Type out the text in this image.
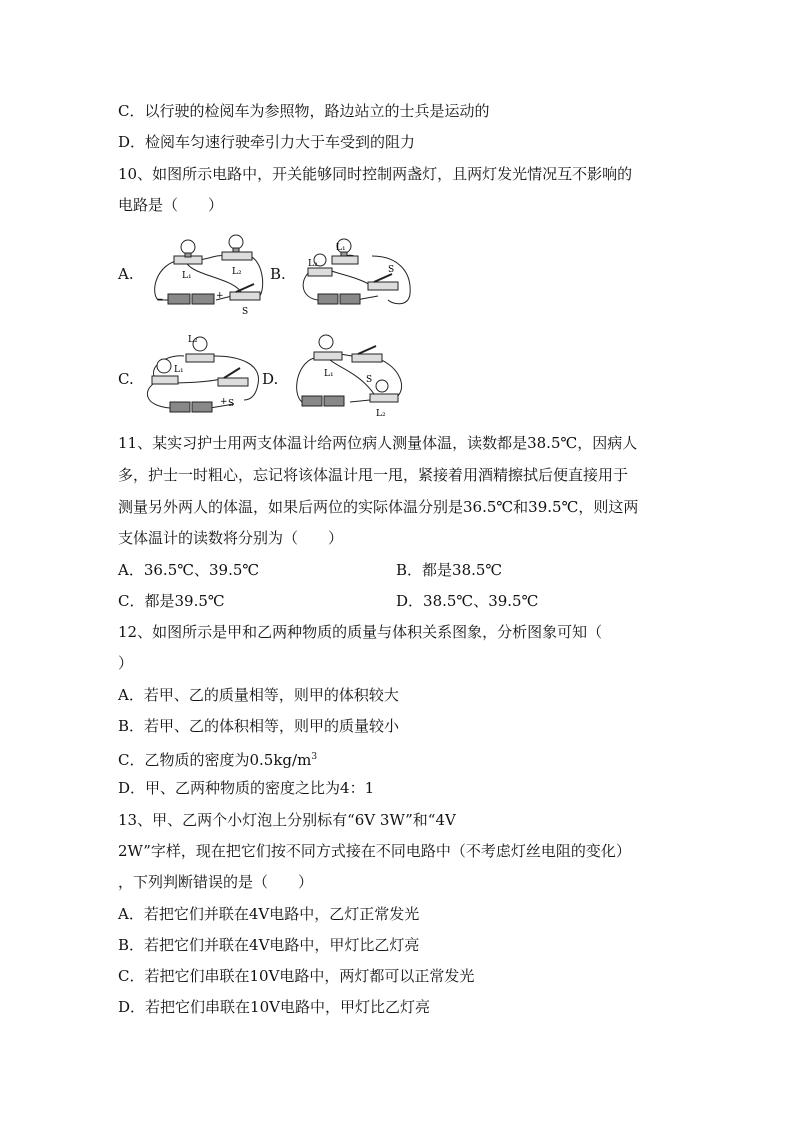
C．以行驶的检阅车为参照物，路边站立的士兵是运动的
D．检阅车匀速行驶牵引力大于车受到的阻力
10、如图所示电路中，开关能够同时控制两盏灯，且两灯发光情况互不影响的
电路是（　　）
A.	B.
C.	D.
L₁	L₂
−	+
S
L₁
L₂
S
L₂
L₁
+ S
L₁
S
L₂
11、某实习护士用两支体温计给两位病人测量体温，读数都是38.5℃，因病人
多，护士一时粗心，忘记将该体温计甩一甩，紧接着用酒精擦拭后便直接用于
测量另外两人的体温，如果后两位的实际体温分别是36.5℃和39.5℃，则这两
支体温计的读数将分别为（　　）
A．36.5℃、39.5℃	B．都是38.5℃
C．都是39.5℃	D．38.5℃、39.5℃
12、如图所示是甲和乙两种物质的质量与体积关系图象，分析图象可知（
）
A．若甲、乙的质量相等，则甲的体积较大
B．若甲、乙的体积相等，则甲的质量较小
C．乙物质的密度为$0.5kg/m^3$
D．甲、乙两种物质的密度之比为4：1
13、甲、乙两个小灯泡上分别标有“6V 3W”和“4V
2W”字样，现在把它们按不同方式接在不同电路中（不考虑灯丝电阻的变化）
，下列判断错误的是（　　）
A．若把它们并联在4V电路中，乙灯正常发光
B．若把它们并联在4V电路中，甲灯比乙灯亮
C．若把它们串联在10V电路中，两灯都可以正常发光
D．若把它们串联在10V电路中，甲灯比乙灯亮
